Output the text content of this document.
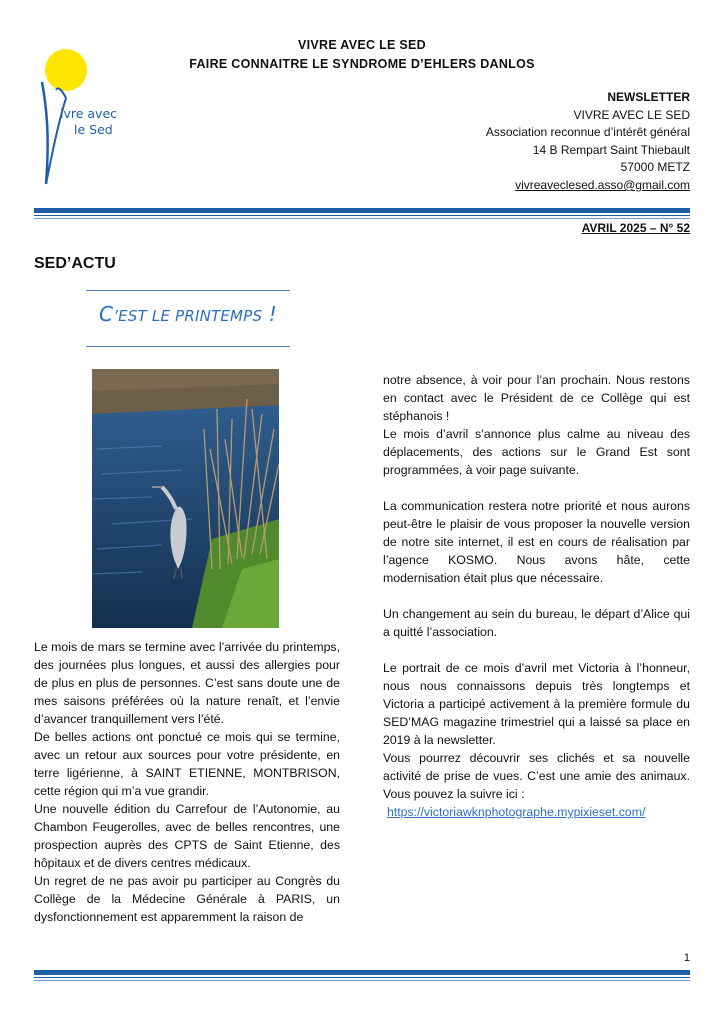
ivre avec
le Sed
VIVRE AVEC LE SED
FAIRE CONNAITRE LE SYNDROME D’EHLERS DANLOS
NEWSLETTER
VIVRE AVEC LE SED
Association reconnue d’intérêt général
14 B Rempart Saint Thiebault
57000 METZ
vivreaveclesed.asso@gmail.com
AVRIL 2025 – N° 52
SED’ACTU
C’EST LE PRINTEMPS !

Le mois de mars se termine avec l’arrivée du printemps, des journées plus longues, et aussi des allergies pour de plus en plus de personnes. C’est sans doute une de mes saisons préférées où la nature renaît, et l’envie d’avancer tranquillement vers l’été.

De belles actions ont ponctué ce mois qui se termine, avec un retour aux sources pour votre présidente, en terre ligérienne, à SAINT ETIENNE, MONTBRISON, cette région qui m’a vue grandir.

Une nouvelle édition du Carrefour de l’Autonomie, au Chambon Feugerolles, avec de belles rencontres, une prospection auprès des CPTS de Saint Etienne, des hôpitaux et de divers centres médicaux.

Un regret de ne pas avoir pu participer au Congrès du Collège de la Médecine Générale à PARIS, un dysfonctionnement est apparemment la raison de

notre absence, à voir pour l’an prochain. Nous restons en contact avec le Président de ce Collège qui est stéphanois !

Le mois d’avril s’annonce plus calme au niveau des déplacements, des actions sur le Grand Est sont programmées, à voir page suivante.

La communication restera notre priorité et nous aurons peut-être le plaisir de vous proposer la nouvelle version de notre site internet, il est en cours de réalisation par l’agence KOSMO. Nous avons hâte, cette modernisation était plus que nécessaire.

Un changement au sein du bureau, le départ d’Alice qui a quitté l’association.

Le portrait de ce mois d’avril met Victoria à l’honneur, nous nous connaissons depuis très longtemps et Victoria a participé activement à la première formule du SED’MAG magazine trimestriel qui a laissé sa place en 2019 à la newsletter.

Vous pourrez découvrir ses clichés et sa nouvelle activité de prise de vues. C’est une amie des animaux. Vous pouvez la suivre ici :

https://victoriawknphotographe.mypixieset.com/

1
